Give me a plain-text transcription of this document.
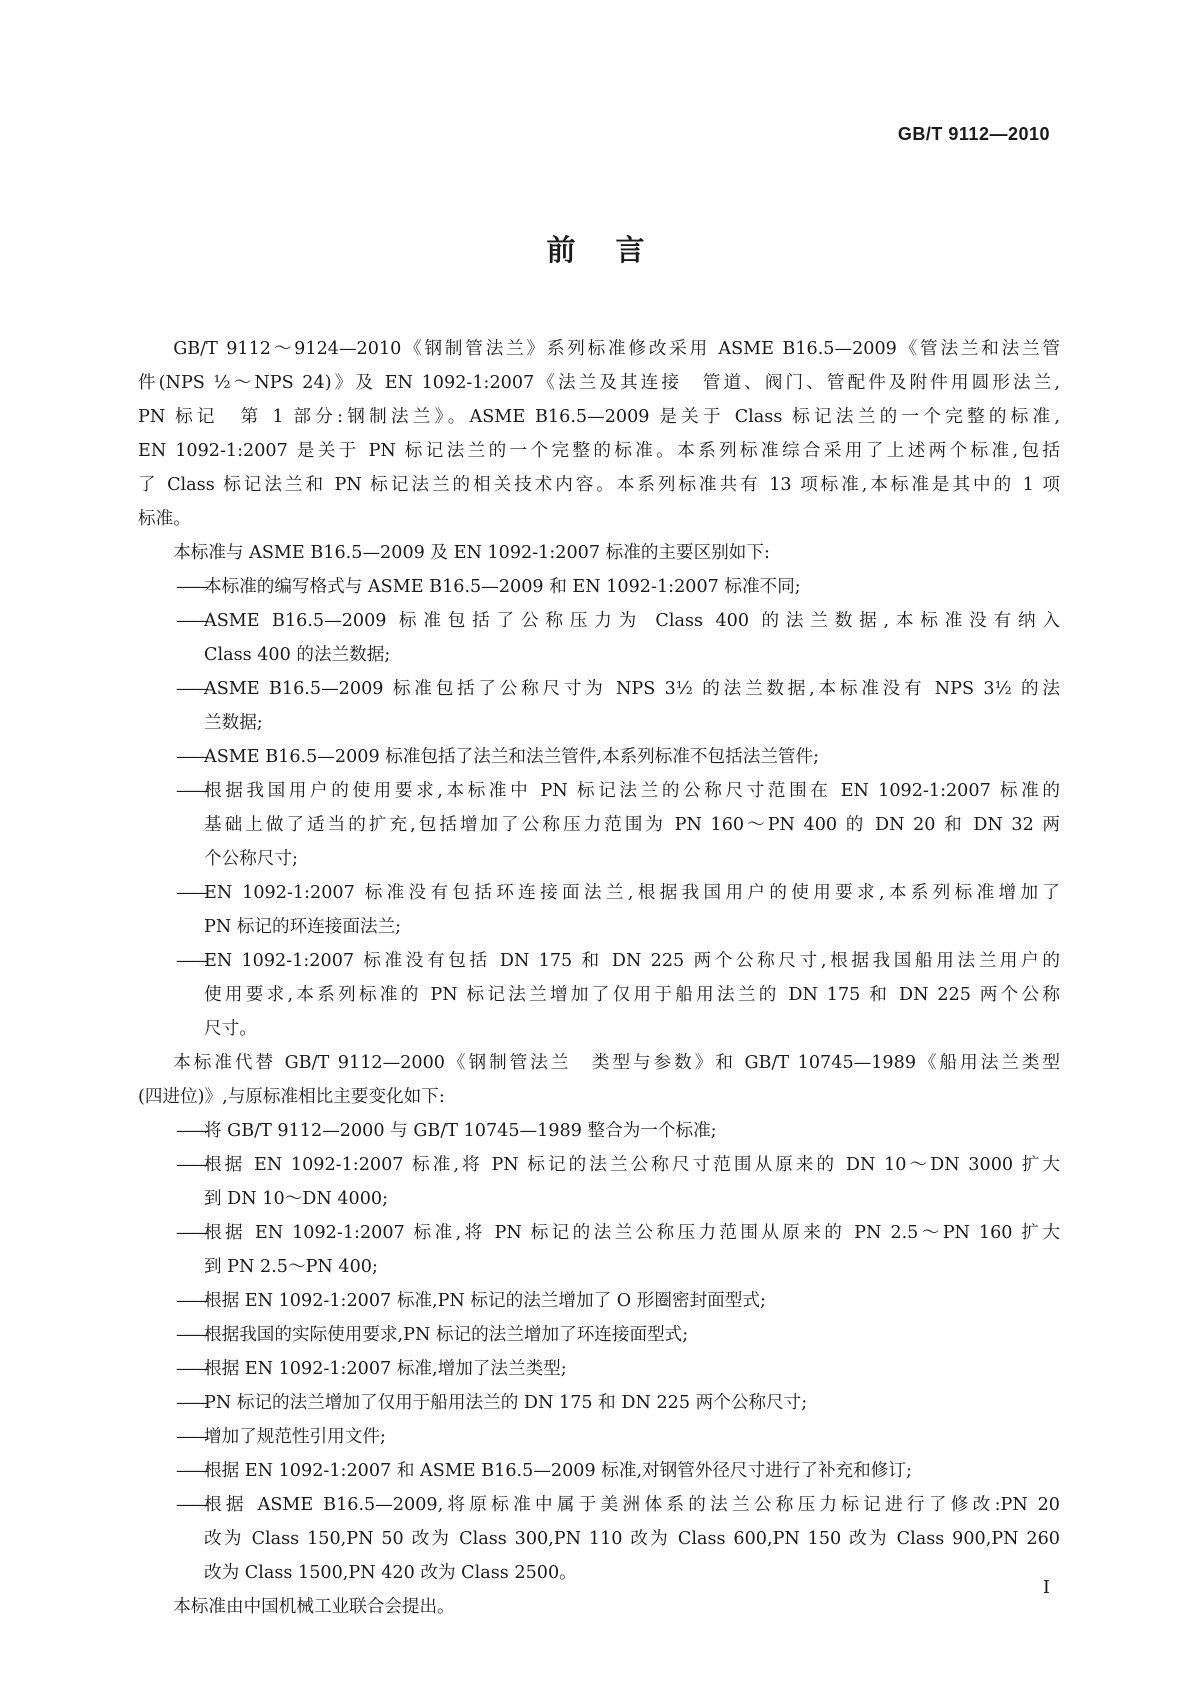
GB/T 9112—2010
前言
GB/T 9112～9124—2010《钢制管法兰》系列标准修改采用 ASME B16.5—2009《管法兰和法兰管
件(NPS ½～NPS 24)》及 EN 1092-1:2007《法兰及其连接　管道、阀门、管配件及附件用圆形法兰,
PN 标记　第 1 部分:钢制法兰》。ASME B16.5—2009 是关于 Class 标记法兰的一个完整的标准,
EN 1092-1:2007 是关于 PN 标记法兰的一个完整的标准。本系列标准综合采用了上述两个标准,包括
了 Class 标记法兰和 PN 标记法兰的相关技术内容。本系列标准共有 13 项标准,本标准是其中的 1 项
标准。
本标准与 ASME B16.5—2009 及 EN 1092-1:2007 标准的主要区别如下:
——
本标准的编写格式与 ASME B16.5—2009 和 EN 1092-1:2007 标准不同;
——
ASME B16.5—2009 标准包括了公称压力为 Class 400 的法兰数据,本标准没有纳入
Class 400 的法兰数据;
——
ASME B16.5—2009 标准包括了公称尺寸为 NPS 3½ 的法兰数据,本标准没有 NPS 3½ 的法
兰数据;
——
ASME B16.5—2009 标准包括了法兰和法兰管件,本系列标准不包括法兰管件;
——
根据我国用户的使用要求,本标准中 PN 标记法兰的公称尺寸范围在 EN 1092-1:2007 标准的
基础上做了适当的扩充,包括增加了公称压力范围为 PN 160～PN 400 的 DN 20 和 DN 32 两
个公称尺寸;
——
EN 1092-1:2007 标准没有包括环连接面法兰,根据我国用户的使用要求,本系列标准增加了
PN 标记的环连接面法兰;
——
EN 1092-1:2007 标准没有包括 DN 175 和 DN 225 两个公称尺寸,根据我国船用法兰用户的
使用要求,本系列标准的 PN 标记法兰增加了仅用于船用法兰的 DN 175 和 DN 225 两个公称
尺寸。
本标准代替 GB/T 9112—2000《钢制管法兰　类型与参数》和 GB/T 10745—1989《船用法兰类型
(四进位)》,与原标准相比主要变化如下:
——
将 GB/T 9112—2000 与 GB/T 10745—1989 整合为一个标准;
——
根据 EN 1092-1:2007 标准,将 PN 标记的法兰公称尺寸范围从原来的 DN 10～DN 3000 扩大
到 DN 10～DN 4000;
——
根据 EN 1092-1:2007 标准,将 PN 标记的法兰公称压力范围从原来的 PN 2.5～PN 160 扩大
到 PN 2.5～PN 400;
——
根据 EN 1092-1:2007 标准,PN 标记的法兰增加了 O 形圈密封面型式;
——
根据我国的实际使用要求,PN 标记的法兰增加了环连接面型式;
——
根据 EN 1092-1:2007 标准,增加了法兰类型;
——
PN 标记的法兰增加了仅用于船用法兰的 DN 175 和 DN 225 两个公称尺寸;
——
增加了规范性引用文件;
——
根据 EN 1092-1:2007 和 ASME B16.5—2009 标准,对钢管外径尺寸进行了补充和修订;
——
根据 ASME B16.5—2009,将原标准中属于美洲体系的法兰公称压力标记进行了修改:PN 20
改为 Class 150,PN 50 改为 Class 300,PN 110 改为 Class 600,PN 150 改为 Class 900,PN 260
改为 Class 1500,PN 420 改为 Class 2500。
本标准由中国机械工业联合会提出。
I
